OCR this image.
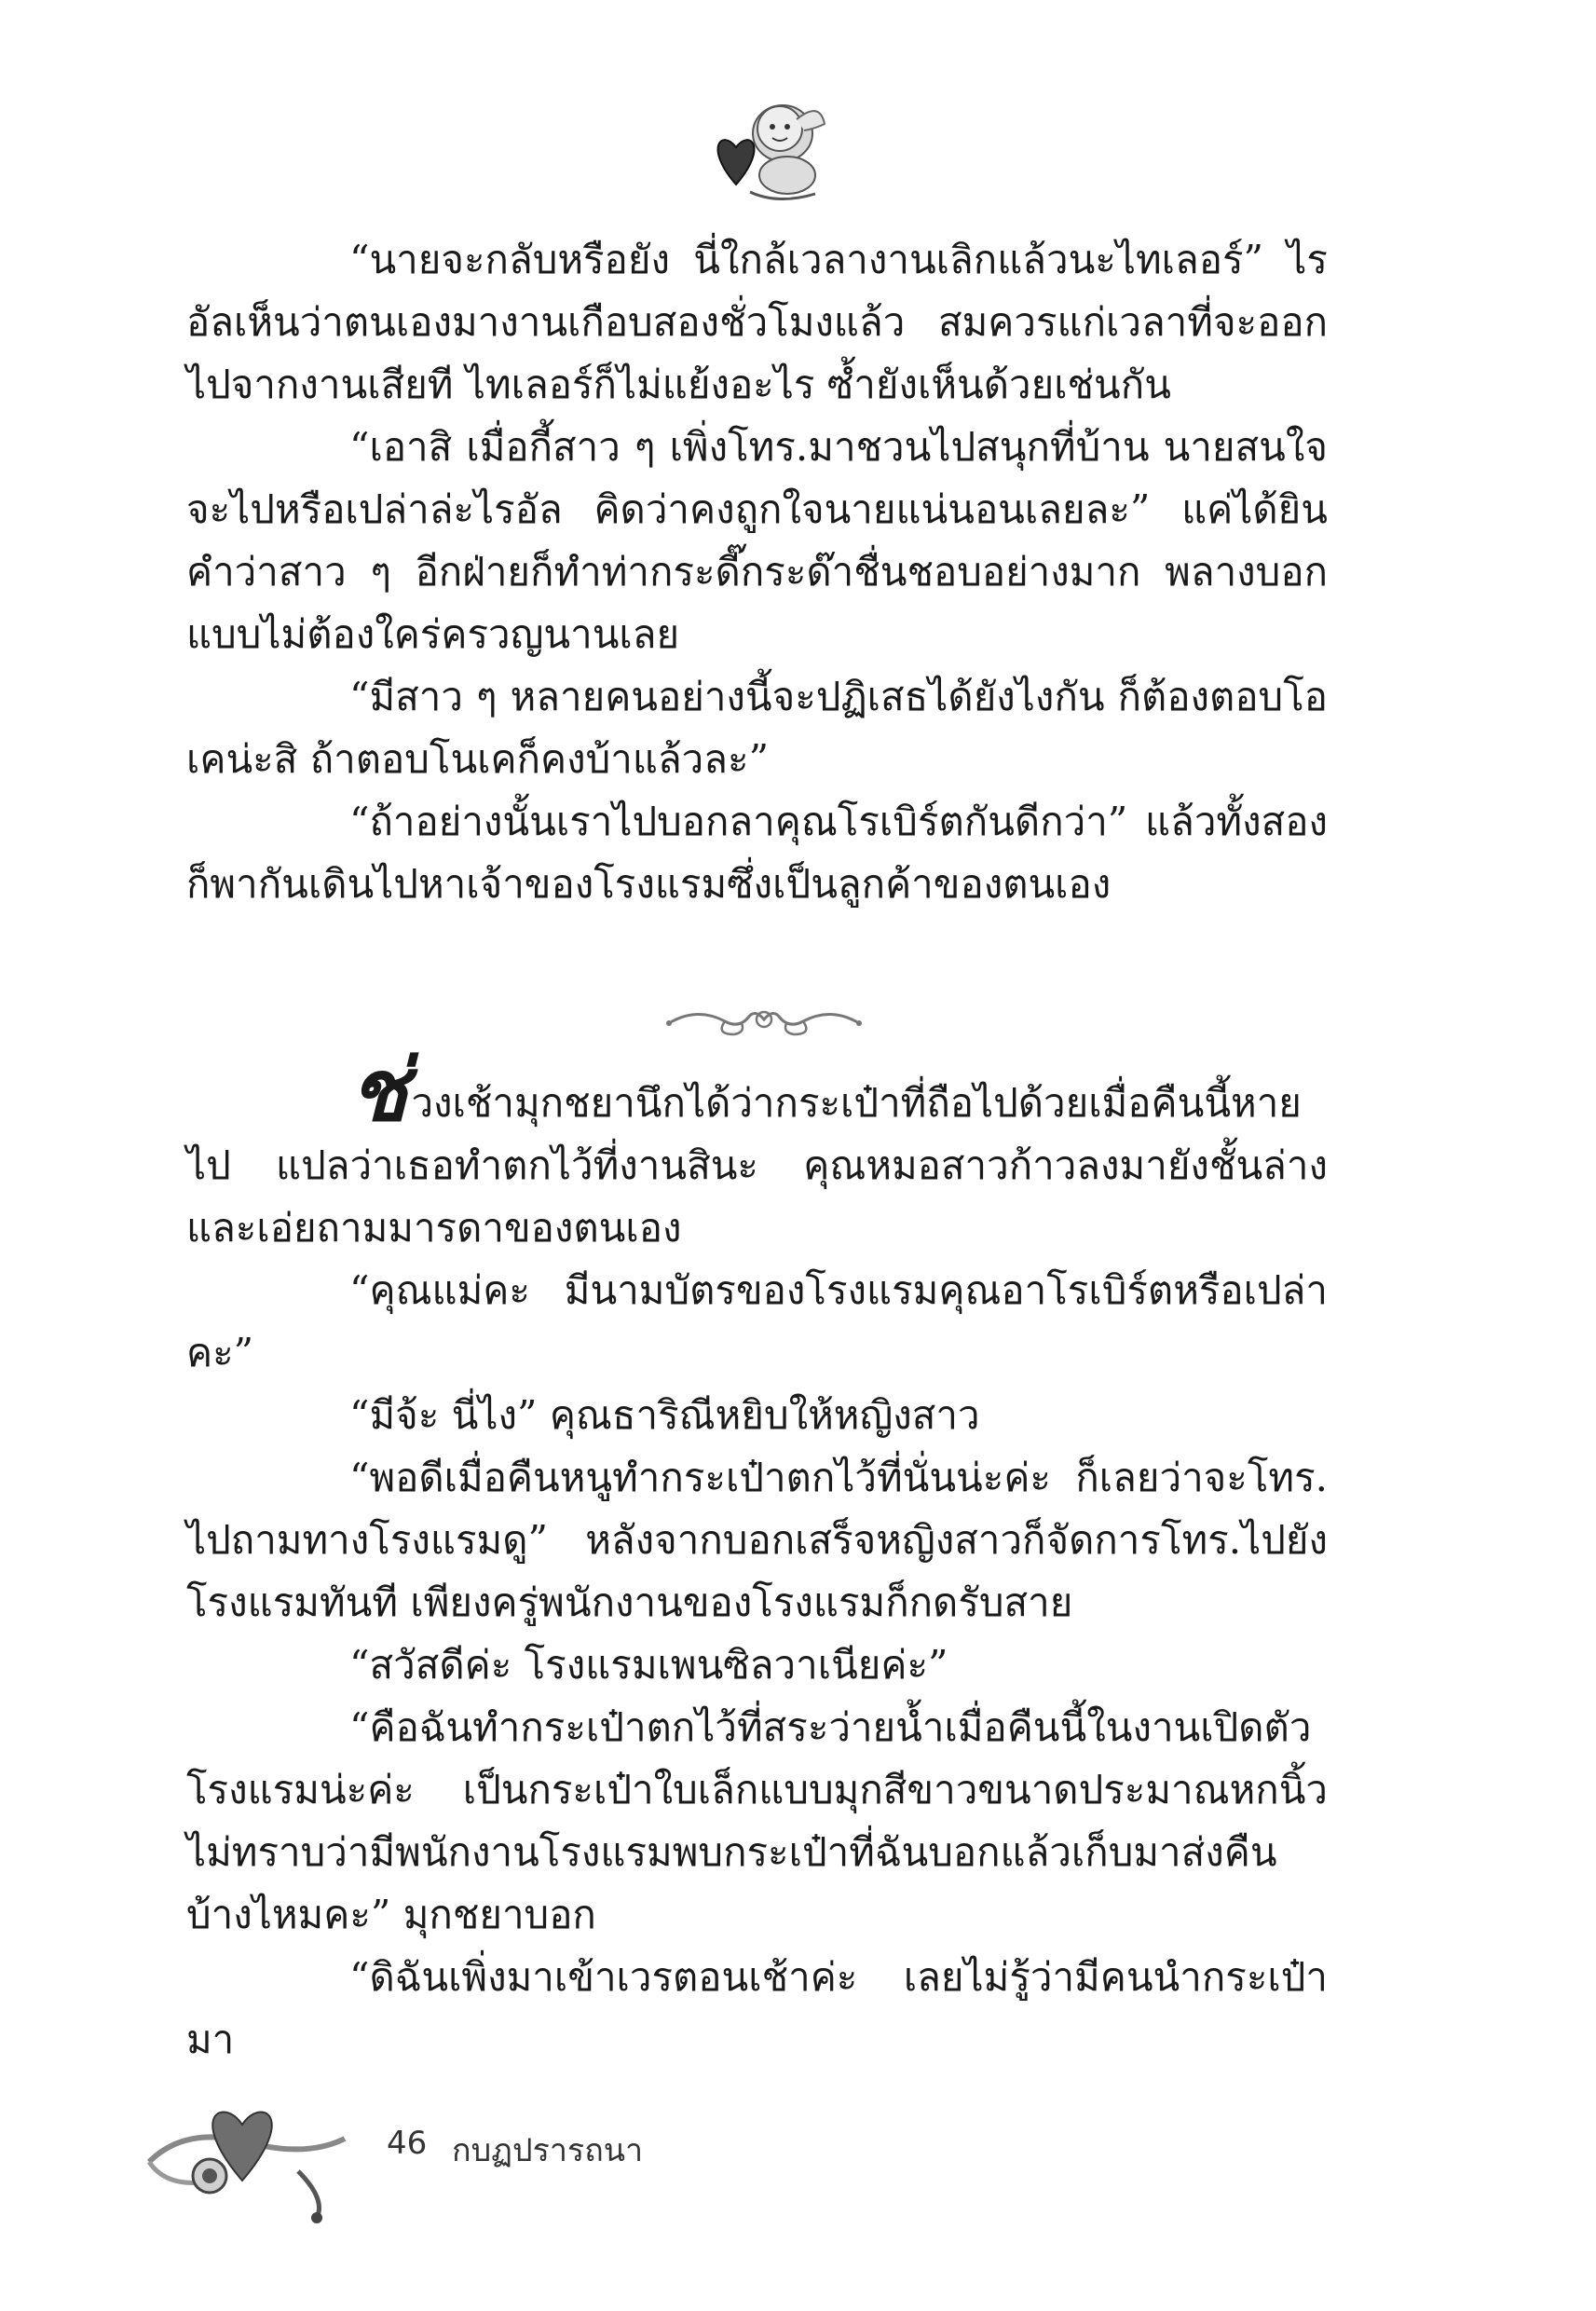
“นายจะกลับหรือยัง นี่ใกล้เวลางานเลิกแล้วนะไทเลอร์” ไรอัลเห็นว่าตนเองมางานเกือบสองชั่วโมงแล้ว สมควรแก่เวลาที่จะออกไปจากงานเสียที ไทเลอร์ก็ไม่แย้งอะไร ซ้ำยังเห็นด้วยเช่นกัน

“เอาสิ เมื่อกี้สาว ๆ เพิ่งโทร.มาชวนไปสนุกที่บ้าน นายสนใจจะไปหรือเปล่าล่ะไรอัล คิดว่าคงถูกใจนายแน่นอนเลยละ” แค่ได้ยินคำว่าสาว ๆ อีกฝ่ายก็ทำท่ากระดี๊กระด๊าชื่นชอบอย่างมาก พลางบอกแบบไม่ต้องใคร่ครวญนานเลย

“มีสาว ๆ หลายคนอย่างนี้จะปฏิเสธได้ยังไงกัน ก็ต้องตอบโอเคน่ะสิ ถ้าตอบโนเคก็คงบ้าแล้วละ”

“ถ้าอย่างนั้นเราไปบอกลาคุณโรเบิร์ตกันดีกว่า” แล้วทั้งสองก็พากันเดินไปหาเจ้าของโรงแรมซึ่งเป็นลูกค้าของตนเอง

ช่วงเช้ามุกชยานึกได้ว่ากระเป๋าที่ถือไปด้วยเมื่อคืนนี้หายไป แปลว่าเธอทำตกไว้ที่งานสินะ คุณหมอสาวก้าวลงมายังชั้นล่างและเอ่ยถามมารดาของตนเอง

“คุณแม่คะ มีนามบัตรของโรงแรมคุณอาโรเบิร์ตหรือเปล่าคะ”

“มีจ้ะ นี่ไง” คุณธาริณีหยิบให้หญิงสาว

“พอดีเมื่อคืนหนูทำกระเป๋าตกไว้ที่นั่นน่ะค่ะ ก็เลยว่าจะโทร. ไปถามทางโรงแรมดู” หลังจากบอกเสร็จหญิงสาวก็จัดการโทร.ไปยังโรงแรมทันที เพียงครู่พนักงานของโรงแรมก็กดรับสาย

“สวัสดีค่ะ โรงแรมเพนซิลวาเนียค่ะ”

“คือฉันทำกระเป๋าตกไว้ที่สระว่ายน้ำเมื่อคืนนี้ในงานเปิดตัวโรงแรมน่ะค่ะ เป็นกระเป๋าใบเล็กแบบมุกสีขาวขนาดประมาณหกนิ้ว ไม่ทราบว่ามีพนักงานโรงแรมพบกระเป๋าที่ฉันบอกแล้วเก็บมาส่งคืนบ้างไหมคะ” มุกชยาบอก

“ดิฉันเพิ่งมาเข้าเวรตอนเช้าค่ะ เลยไม่รู้ว่ามีคนนำกระเป๋ามา

46 กบฏปรารถนา
